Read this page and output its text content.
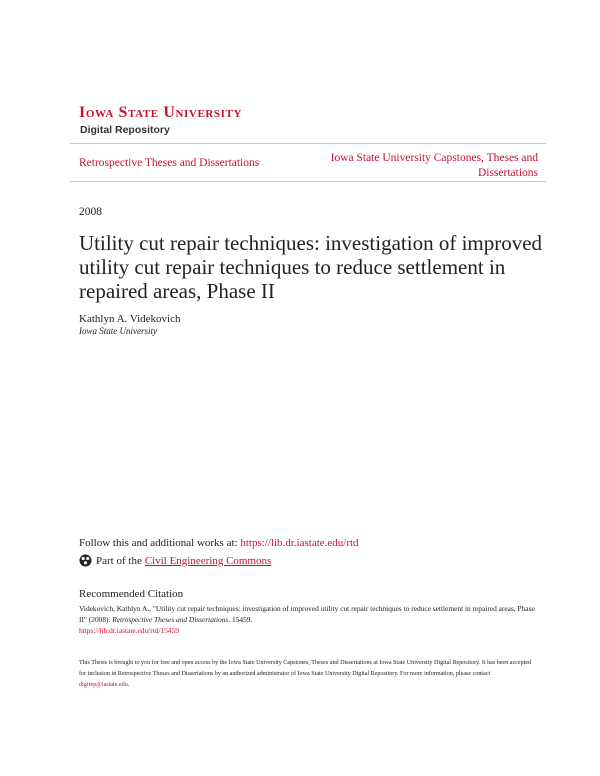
Iowa State University
Digital Repository
Retrospective Theses and Dissertations	Iowa State University Capstones, Theses and Dissertations
2008
Utility cut repair techniques: investigation of improved utility cut repair techniques to reduce settlement in repaired areas, Phase II
Kathlyn A. Videkovich
Iowa State University
Follow this and additional works at: https://lib.dr.iastate.edu/rtd
Part of the Civil Engineering Commons
Recommended Citation
Videkovich, Kathlyn A., "Utility cut repair techniques: investigation of improved utility cut repair techniques to reduce settlement in repaired areas, Phase II" (2008). Retrospective Theses and Dissertations. 15459.
https://lib.dr.iastate.edu/rtd/15459
This Thesis is brought to you for free and open access by the Iowa State University Capstones, Theses and Dissertations at Iowa State University Digital Repository. It has been accepted for inclusion in Retrospective Theses and Dissertations by an authorized administrator of Iowa State University Digital Repository. For more information, please contact digirep@iastate.edu.
